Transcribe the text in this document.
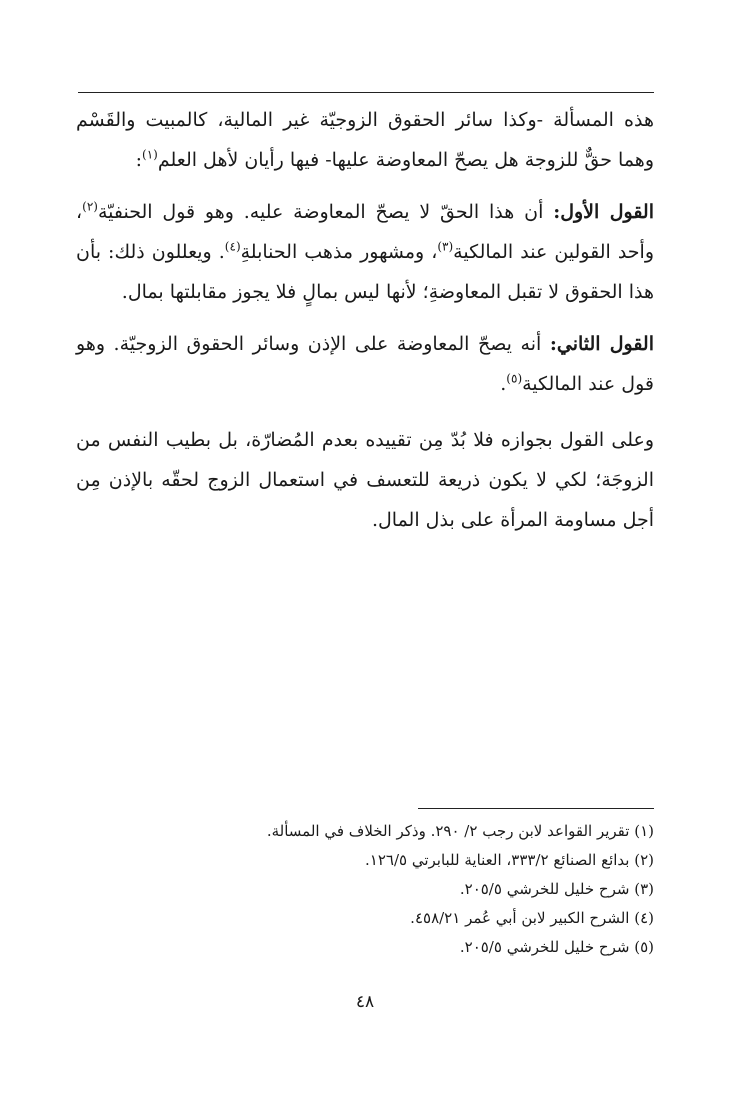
هذه المسألة -وكذا سائر الحقوق الزوجيّة غير المالية، كالمبيت والقَسْم وهما حقٌّ للزوجة هل يصحّ المعاوضة عليها- فيها رأيان لأهل العلم$^{(١)}$:

القول الأول: أن هذا الحقّ لا يصحّ المعاوضة عليه. وهو قول الحنفيّة$^{(٢)}$، وأحد القولين عند المالكية$^{(٣)}$، ومشهور مذهب الحنابلةِ$^{(٤)}$. ويعللون ذلك: بأن هذا الحقوق لا تقبل المعاوضةِ؛ لأنها ليس بمالٍ فلا يجوز مقابلتها بمال.

القول الثاني: أنه يصحّ المعاوضة على الإذن وسائر الحقوق الزوجيّة. وهو قول عند المالكية$^{(٥)}$.

وعلى القول بجوازه فلا بُدّ مِن تقييده بعدم المُضارّة، بل بطيب النفس من الزوجَة؛ لكي لا يكون ذريعة للتعسف في استعمال الزوج لحقّه بالإذن مِن أجل مساومة المرأة على بذل المال.

(١) تقرير القواعد لابن رجب ٢/ ٢٩٠. وذكر الخلاف في المسألة.

(٢) بدائع الصنائع ٣٣٣/٢، العناية للبابرتي ١٢٦/٥.

(٣) شرح خليل للخرشي ٢٠٥/٥.

(٤) الشرح الكبير لابن أبي عُمر ٤٥٨/٢١.

(٥) شرح خليل للخرشي ٢٠٥/٥.

٤٨
